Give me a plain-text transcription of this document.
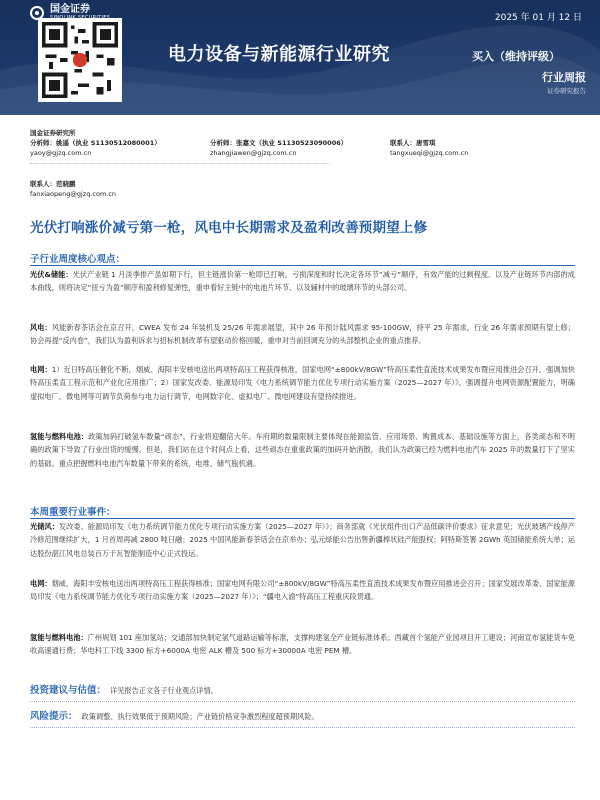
国金证券
2025 年 01 月 12 日
电力设备与新能源行业研究	买入（维持评级）
行业周报
证券研究报告
国金证券研究所
分析师：姚遥（执业 S1130512080001）
yaoy@gjzq.com.cn
分析师：张嘉文（执业 S1130523090006）
zhangjiawen@gjzq.com.cn
联系人：唐雪琪
tangxueqi@gjzq.com.cn
联系人：范晓鹏
fanxiaopeng@gjzq.com.cn
光伏打响涨价减亏第一枪，风电中长期需求及盈利改善预期望上修
子行业周度核心观点：
光伏&储能：光伏产业链 1 月淡季排产虽如期下行，但主链涨价第一枪即已打响，亏损深度和时长决定各环节“减亏”顺序，有效产能的过剩程度、以及产业链环节内部的成本曲线，则将决定“扭亏为盈”顺序和盈利修复弹性，重申看好主链中的电池片环节、以及辅材中的玻璃环节的头部公司。
风电：风能新春茶话会在京召开，CWEA 发布 24 年装机及 25/26 年需求展望，其中 26 年预计陆风需求 95-100GW，持平 25 年需求，行业 26 年需求预期有望上修；协会再提“反内卷”，我们认为盈利诉求与招标机制改革有望驱动价格回暖，重申对当前回调充分的头部整机企业的重点推荐。
电网：1）近日特高压催化不断，烟威、海阳丰安核电送出两项特高压工程获得核准，国家电网“±800kV/8GW”特高压柔性直流技术成果发布暨应用推进会召开，强调加快特高压柔直工程示范和产业化应用推广；2）国家发改委、能源局印发《电力系统调节能力优化专项行动实施方案（2025—2027 年）》，强调提升电网资源配置能力，明确虚拟电厂、微电网等可调节负荷参与电力运行调节，电网数字化、虚拟电厂、微电网建设有望持续推进。
氢能与燃料电池：政策加码打破氢车数量“顽态”，行业将迎翻倍大年。车府期的数量限制主要体现在能源监管、应用场景、购置成本、基础设施等方面上，各类顽态和不明确的政策下导致了行业出货的缓慢。但是，我们站在这个时间点上看，这些顽态在重重政策的加码开始消散，我们认为政策已经为燃料电池汽车 2025 年的数量打下了坚实的基础。重点把握燃料电池汽车数量下带来的系统、电堆、储气瓶机遇。
本周重要行业事件：
光储风：发改委、能源局印发《电力系统调节能力优化专项行动实施方案（2025—2027 年）》；商务部就《光伏组件出口产品低碳评价要求》征求意见；光伏玻璃产线停产冷修范围继续扩大，1 月首周再减 2800 吨日融；2025 中国风能新春茶话会在京举办；弘元绿能公告出售新疆棒状硅产能股权；阿特斯签署 2GWh 英国储能系统大单；运达股份湛江风电总装百万千瓦智能制造中心正式投运。
电网：烟威、海阳丰安核电送出两项特高压工程获得核准；国家电网有限公司“±800kV/8GW”特高压柔性直流技术成果发布暨应用推进会召开；国家发展改革委、国家能源局印发《电力系统调节能力优化专项行动实施方案（2025—2027 年）》；“疆电入渝”特高压工程重庆段贯通。
氢能与燃料电池：广州规划 101 座加氢站；交通部加快制定氢气道路运输等标准，支撑构建氢全产业链标准体系；西藏首个氢能产业园项目开工建设；河南宣布氢能货车免收高速通行费；华电科工下线 3300 标方+6000A 电密 ALK 槽及 500 标方+30000A 电密 PEM 槽。
投资建议与估值： 详见报告正文各子行业观点详情。
风险提示： 政策调整、执行效果低于预期风险；产业链价格竞争激烈程度超预期风险。
